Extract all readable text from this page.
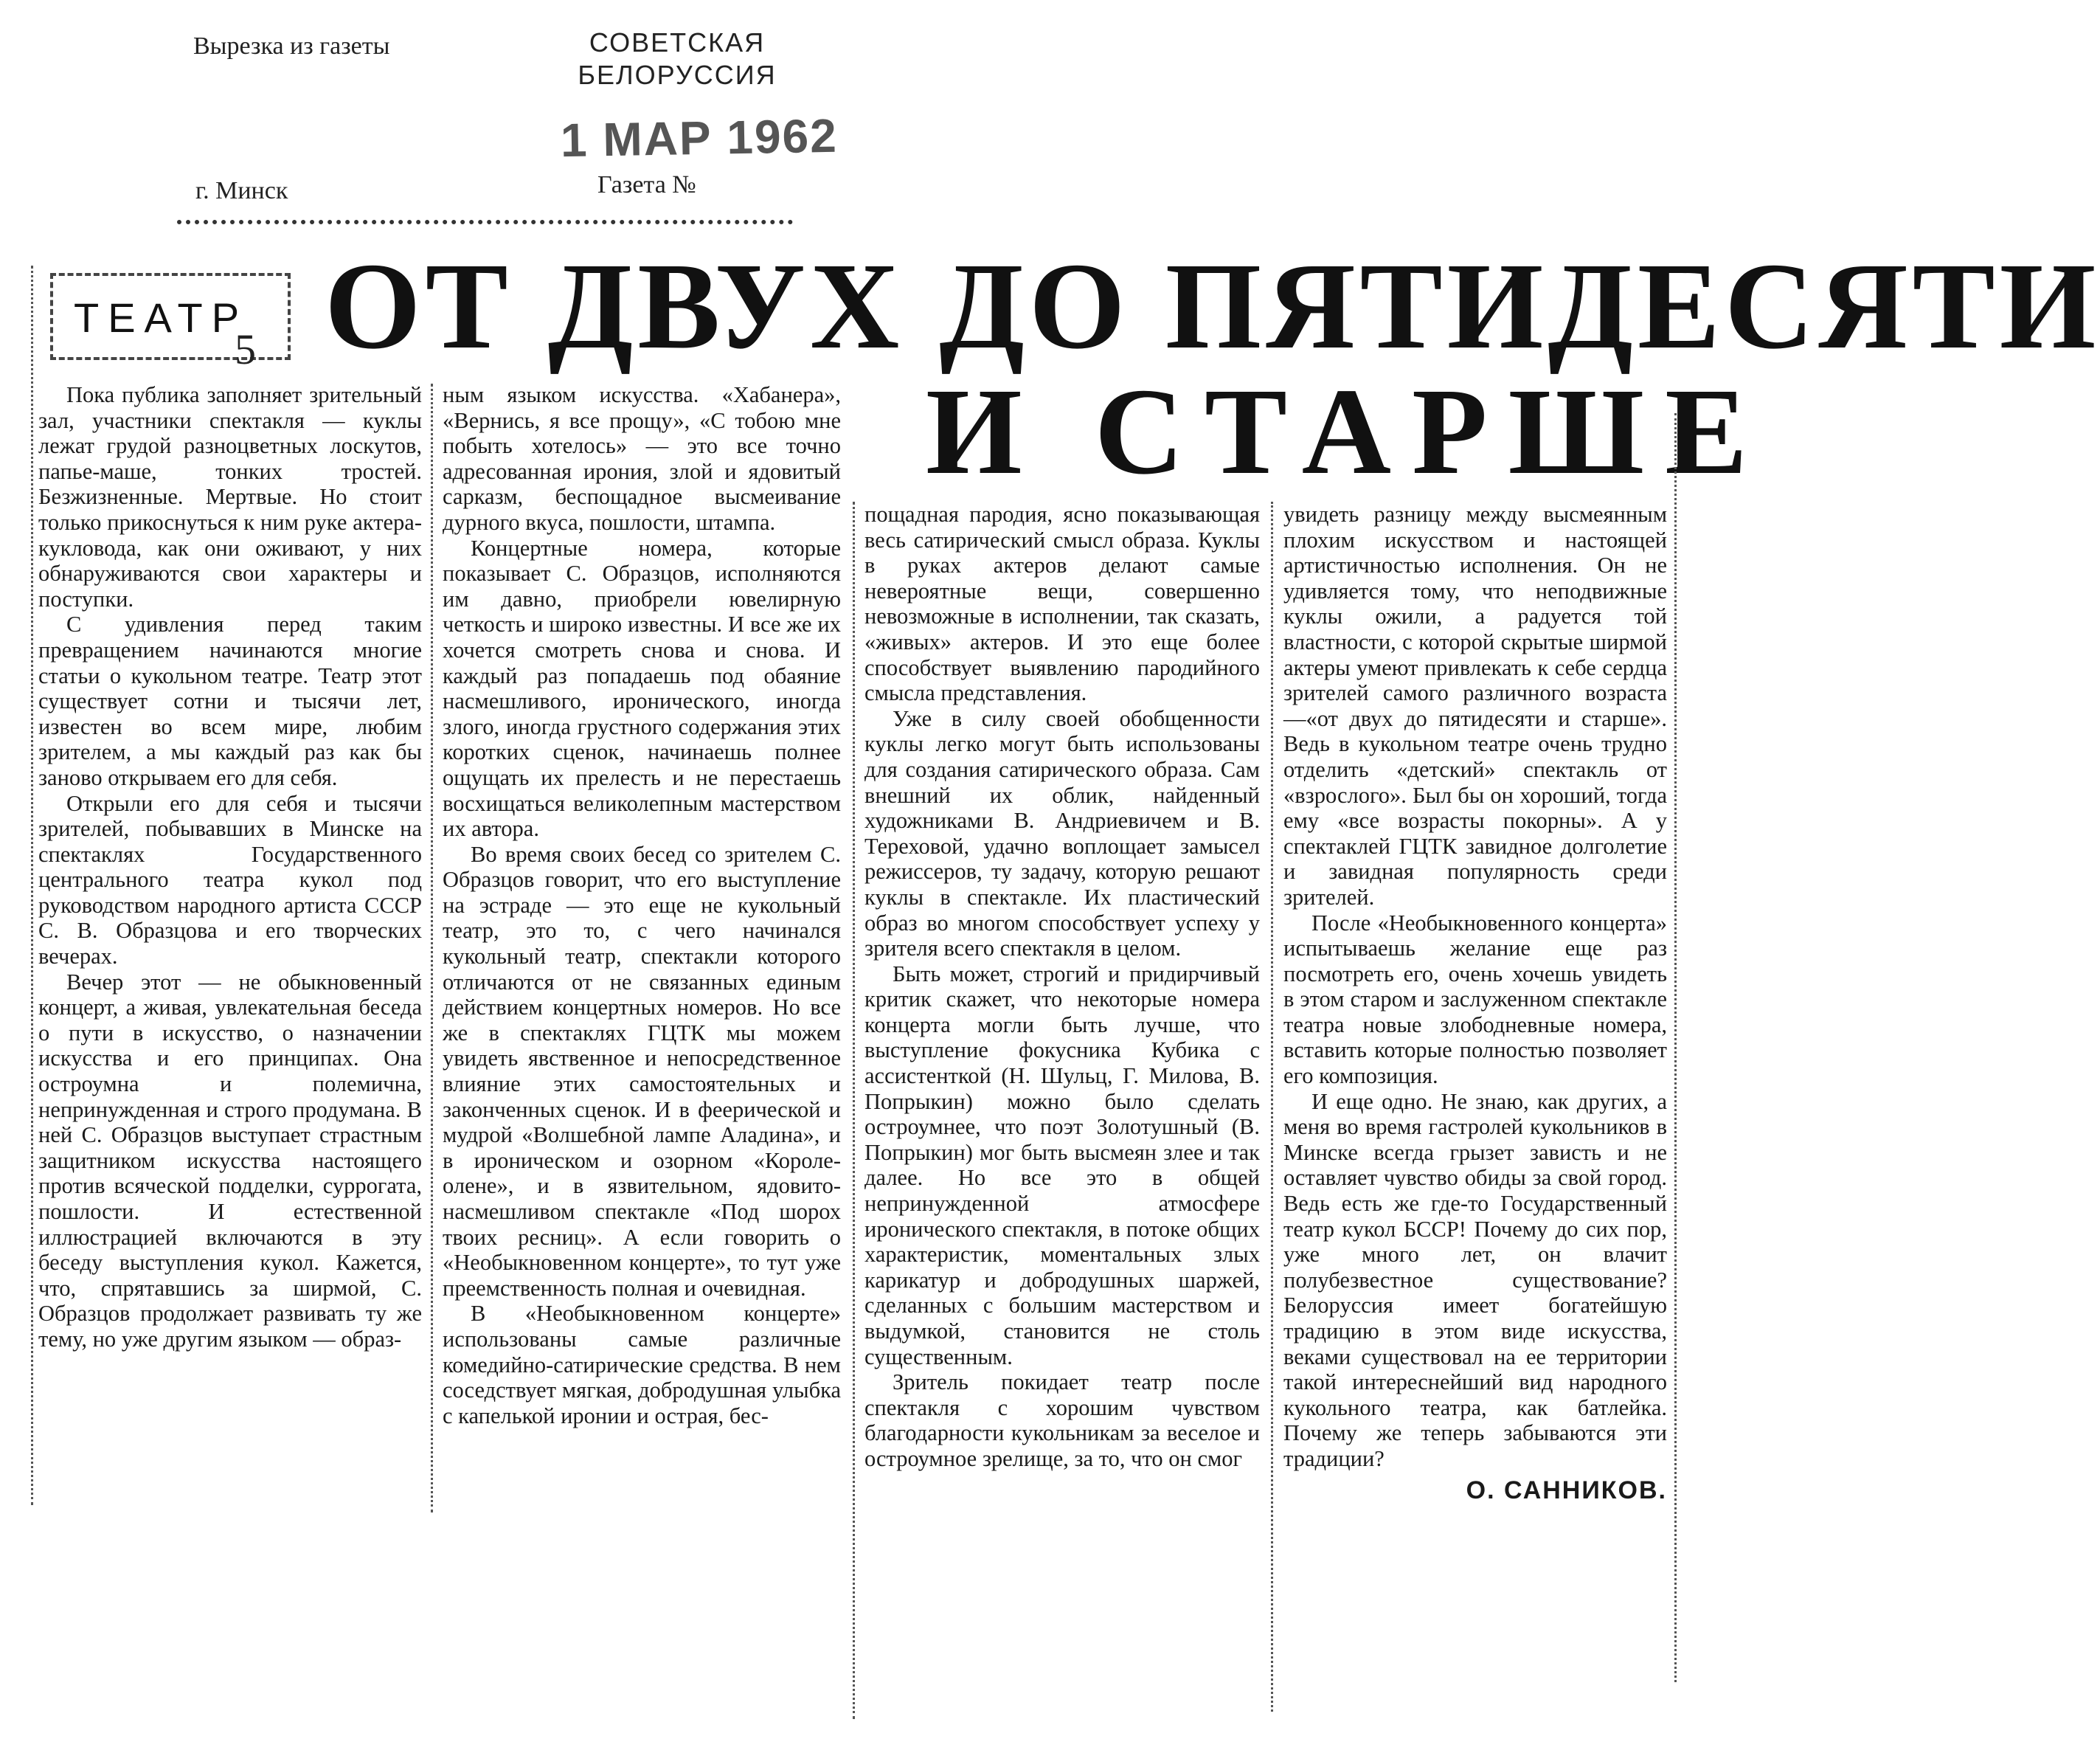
Вырезка из газеты	СОВЕТСКАЯ
БЕЛОРУССИЯ
1 МАР 1962
г. Минск	Газета №
ТЕАТР
5 ОТ ДВУХ ДО ПЯТИДЕСЯТИ
И СТАРШЕ

Пока публика заполняет зрительный зал, участники спектакля — куклы лежат грудой разноцветных лоскутов, папье-маше, тонких тростей. Безжизненные. Мертвые. Но стоит только прикоснуться к ним руке актера-кукловода, как они оживают, у них обнаруживаются свои характеры и поступки.

С удивления перед таким превращением начинаются многие статьи о кукольном театре. Театр этот существует сотни и тысячи лет, известен во всем мире, любим зрителем, а мы каждый раз как бы заново открываем его для себя.

Открыли его для себя и тысячи зрителей, побывавших в Минске на спектаклях Государственного центрального театра кукол под руководством народного артиста СССР С. В. Образцова и его творческих вечерах.

Вечер этот — не обыкновенный концерт, а живая, увлекательная беседа о пути в искусство, о назначении искусства и его принципах. Она остроумна и полемична, непринужденная и строго продумана. В ней С. Образцов выступает страстным защитником искусства настоящего против всяческой подделки, суррогата, пошлости. И естественной иллюстрацией включаются в эту беседу выступления кукол. Кажется, что, спрятавшись за ширмой, С. Образцов продолжает развивать ту же тему, но уже другим языком — образ-

ным языком искусства. «Хабанера», «Вернись, я все прощу», «С тобою мне побыть хотелось» — это все точно адресованная ирония, злой и ядовитый сарказм, беспощадное высмеивание дурного вкуса, пошлости, штампа.

Концертные номера, которые показывает С. Образцов, исполняются им давно, приобрели ювелирную четкость и широко известны. И все же их хочется смотреть снова и снова. И каждый раз попадаешь под обаяние насмешливого, иронического, иногда злого, иногда грустного содержания этих коротких сценок, начинаешь полнее ощущать их прелесть и не перестаешь восхищаться великолепным мастерством их автора.

Во время своих бесед со зрителем С. Образцов говорит, что его выступление на эстраде — это еще не кукольный театр, это то, с чего начинался кукольный театр, спектакли которого отличаются от не связанных единым действием концертных номеров. Но все же в спектаклях ГЦТК мы можем увидеть явственное и непосредственное влияние этих самостоятельных и законченных сценок. И в феерической и мудрой «Волшебной лампе Аладина», и в ироническом и озорном «Короле-олене», и в язвительном, ядовито-насмешливом спектакле «Под шорох твоих ресниц». А если говорить о «Необыкновенном концерте», то тут уже преемственность полная и очевидная.

В «Необыкновенном концерте» использованы самые различные комедийно-сатирические средства. В нем соседствует мягкая, добродушная улыбка с капелькой иронии и острая, бес-

пощадная пародия, ясно показывающая весь сатирический смысл образа. Куклы в руках актеров делают самые невероятные вещи, совершенно невозможные в исполнении, так сказать, «живых» актеров. И это еще более способствует выявлению пародийного смысла представления.

Уже в силу своей обобщенности куклы легко могут быть использованы для создания сатирического образа. Сам внешний их облик, найденный художниками В. Андриевичем и В. Тереховой, удачно воплощает замысел режиссеров, ту задачу, которую решают куклы в спектакле. Их пластический образ во многом способствует успеху у зрителя всего спектакля в целом.

Быть может, строгий и придирчивый критик скажет, что некоторые номера концерта могли быть лучше, что выступление фокусника Кубика с ассистенткой (Н. Шульц, Г. Милова, В. Попрыкин) можно было сделать остроумнее, что поэт Золотушный (В. Попрыкин) мог быть высмеян злее и так далее. Но все это в общей непринужденной атмосфере иронического спектакля, в потоке общих характеристик, моментальных злых карикатур и добродушных шаржей, сделанных с большим мастерством и выдумкой, становится не столь существенным.

Зритель покидает театр после спектакля с хорошим чувством благодарности кукольникам за веселое и остроумное зрелище, за то, что он смог

увидеть разницу между высмеянным плохим искусством и настоящей артистичностью исполнения. Он не удивляется тому, что неподвижные куклы ожили, а радуется той властности, с которой скрытые ширмой актеры умеют привлекать к себе сердца зрителей самого различного возраста—«от двух до пятидесяти и старше». Ведь в кукольном театре очень трудно отделить «детский» спектакль от «взрослого». Был бы он хороший, тогда ему «все возрасты покорны». А у спектаклей ГЦТК завидное долголетие и завидная популярность среди зрителей.

После «Необыкновенного концерта» испытываешь желание еще раз посмотреть его, очень хочешь увидеть в этом старом и заслуженном спектакле театра новые злободневные номера, вставить которые полностью позволяет его композиция.

И еще одно. Не знаю, как других, а меня во время гастролей кукольников в Минске всегда грызет зависть и не оставляет чувство обиды за свой город. Ведь есть же где-то Государственный театр кукол БССР! Почему до сих пор, уже много лет, он влачит полубезвестное существование? Белоруссия имеет богатейшую традицию в этом виде искусства, веками существовал на ее территории такой интереснейший вид народного кукольного театра, как батлейка. Почему же теперь забываются эти традиции?

О. САННИКОВ.
